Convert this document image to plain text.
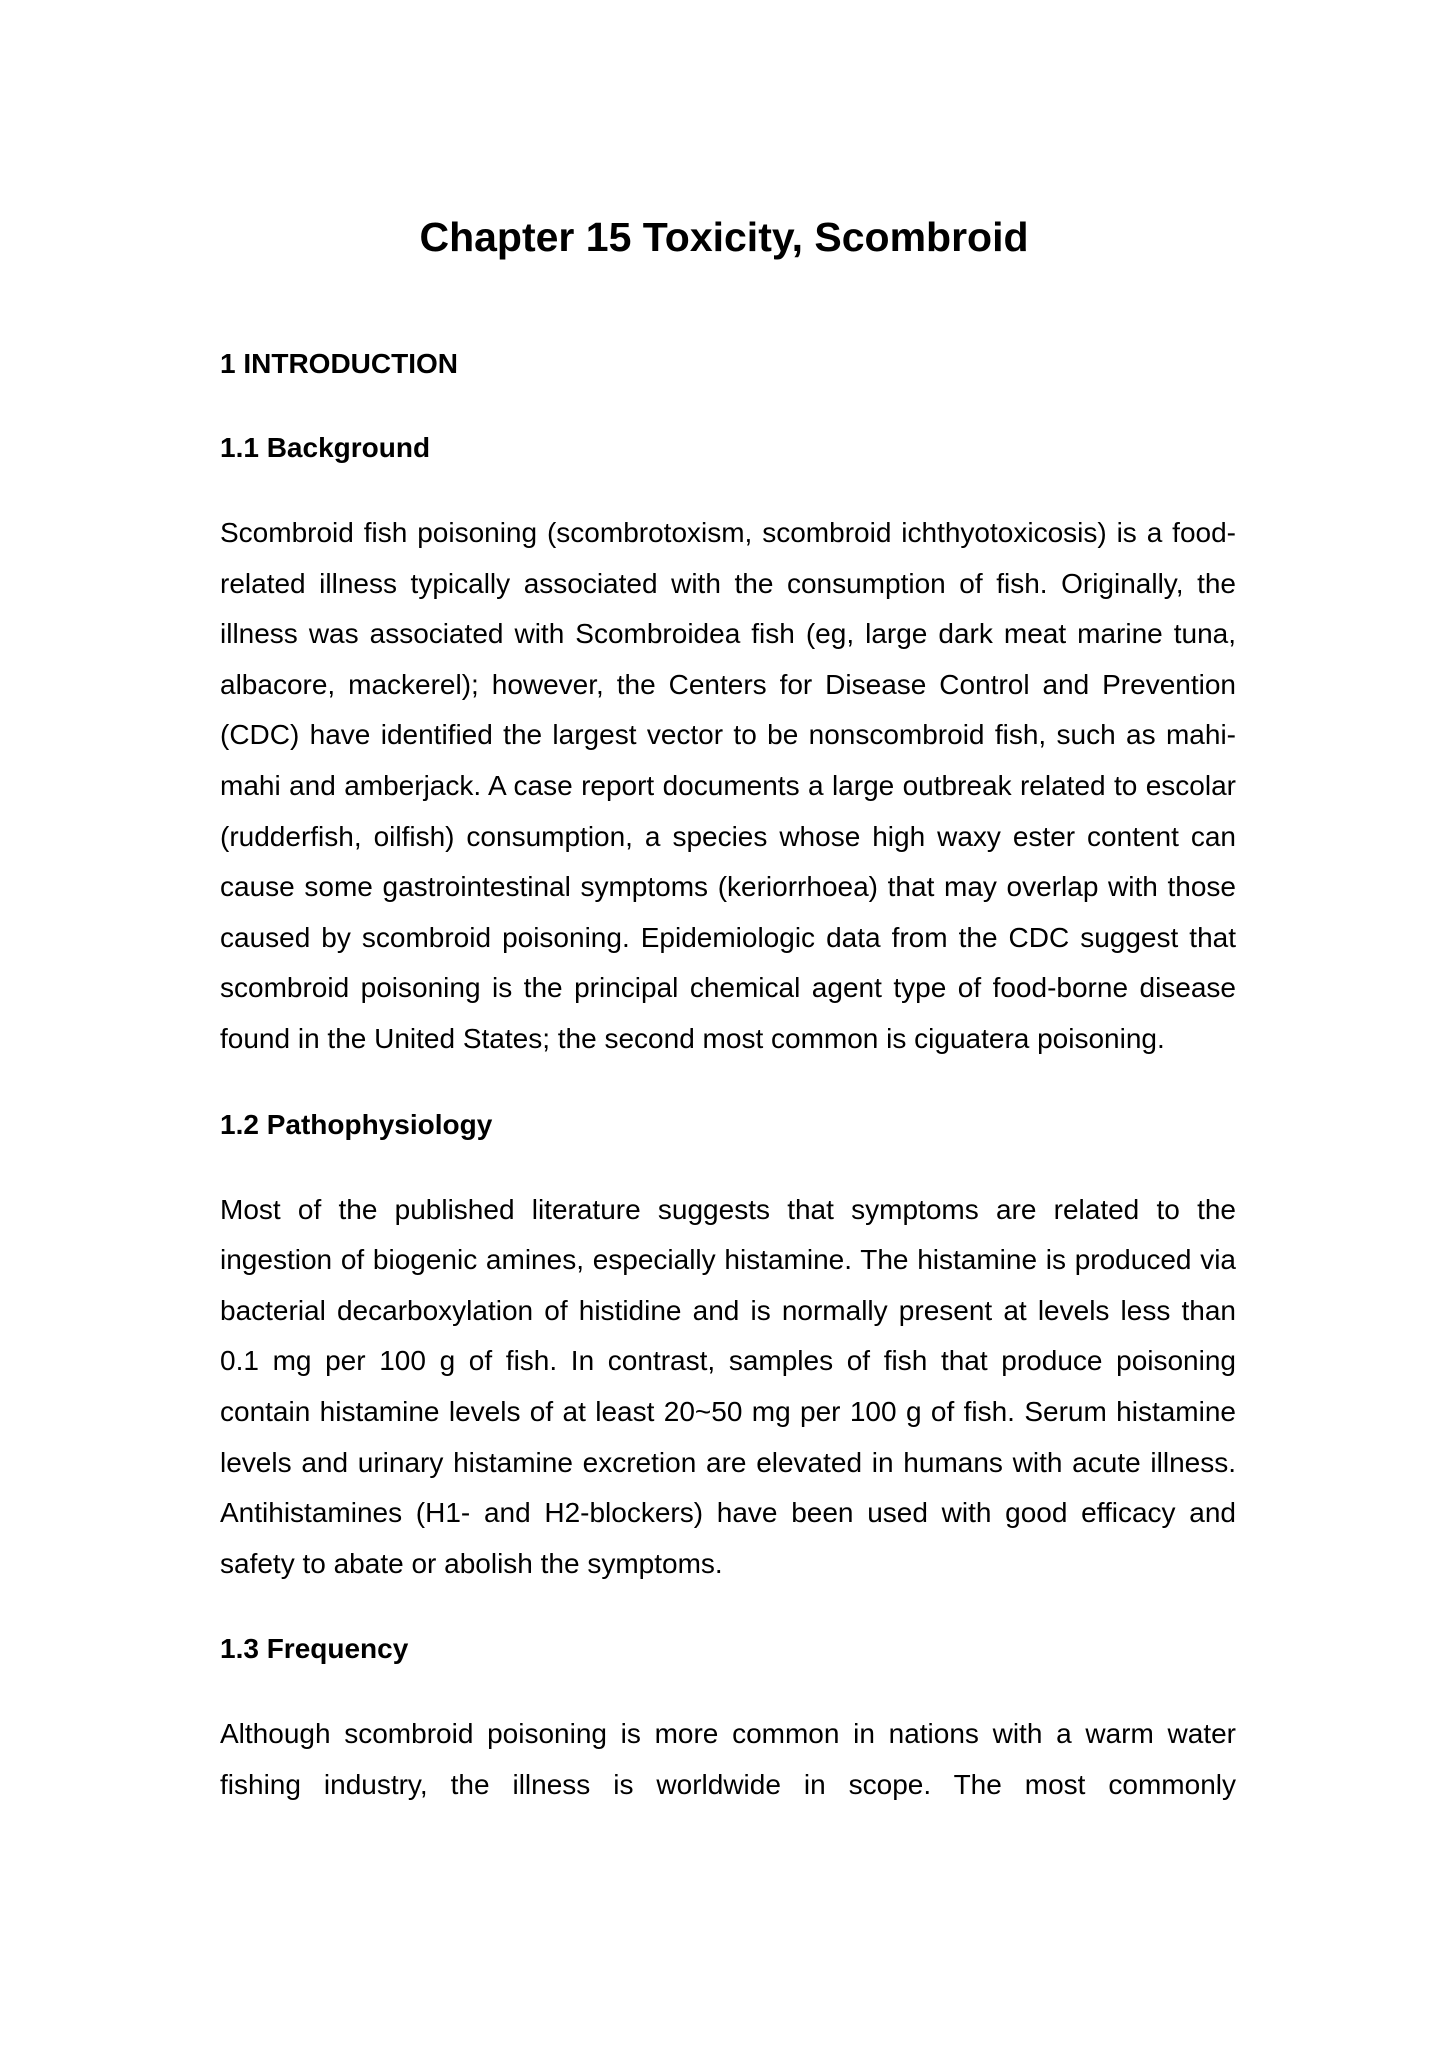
Chapter 15 Toxicity, Scombroid
1 INTRODUCTION
1.1 Background

Scombroid fish poisoning (scombrotoxism, scombroid ichthyotoxicosis) is a food-related illness typically associated with the consumption of fish. Originally, the illness was associated with Scombroidea fish (eg, large dark meat marine tuna, albacore, mackerel); however, the Centers for Disease Control and Prevention (CDC) have identified the largest vector to be nonscombroid fish, such as mahi-mahi and amberjack. A case report documents a large outbreak related to escolar (rudderfish, oilfish) consumption, a species whose high waxy ester content can cause some gastrointestinal symptoms (keriorrhoea) that may overlap with those caused by scombroid poisoning. Epidemiologic data from the CDC suggest that scombroid poisoning is the principal chemical agent type of food-borne disease found in the United States; the second most common is ciguatera poisoning.

1.2 Pathophysiology

Most of the published literature suggests that symptoms are related to the ingestion of biogenic amines, especially histamine. The histamine is produced via bacterial decarboxylation of histidine and is normally present at levels less than 0.1 mg per 100 g of fish. In contrast, samples of fish that produce poisoning contain histamine levels of at least 20~50 mg per 100 g of fish. Serum histamine levels and urinary histamine excretion are elevated in humans with acute illness. Antihistamines (H1- and H2-blockers) have been used with good efficacy and safety to abate or abolish the symptoms.

1.3 Frequency

Although scombroid poisoning is more common in nations with a warm water fishing industry, the illness is worldwide in scope. The most commonly
